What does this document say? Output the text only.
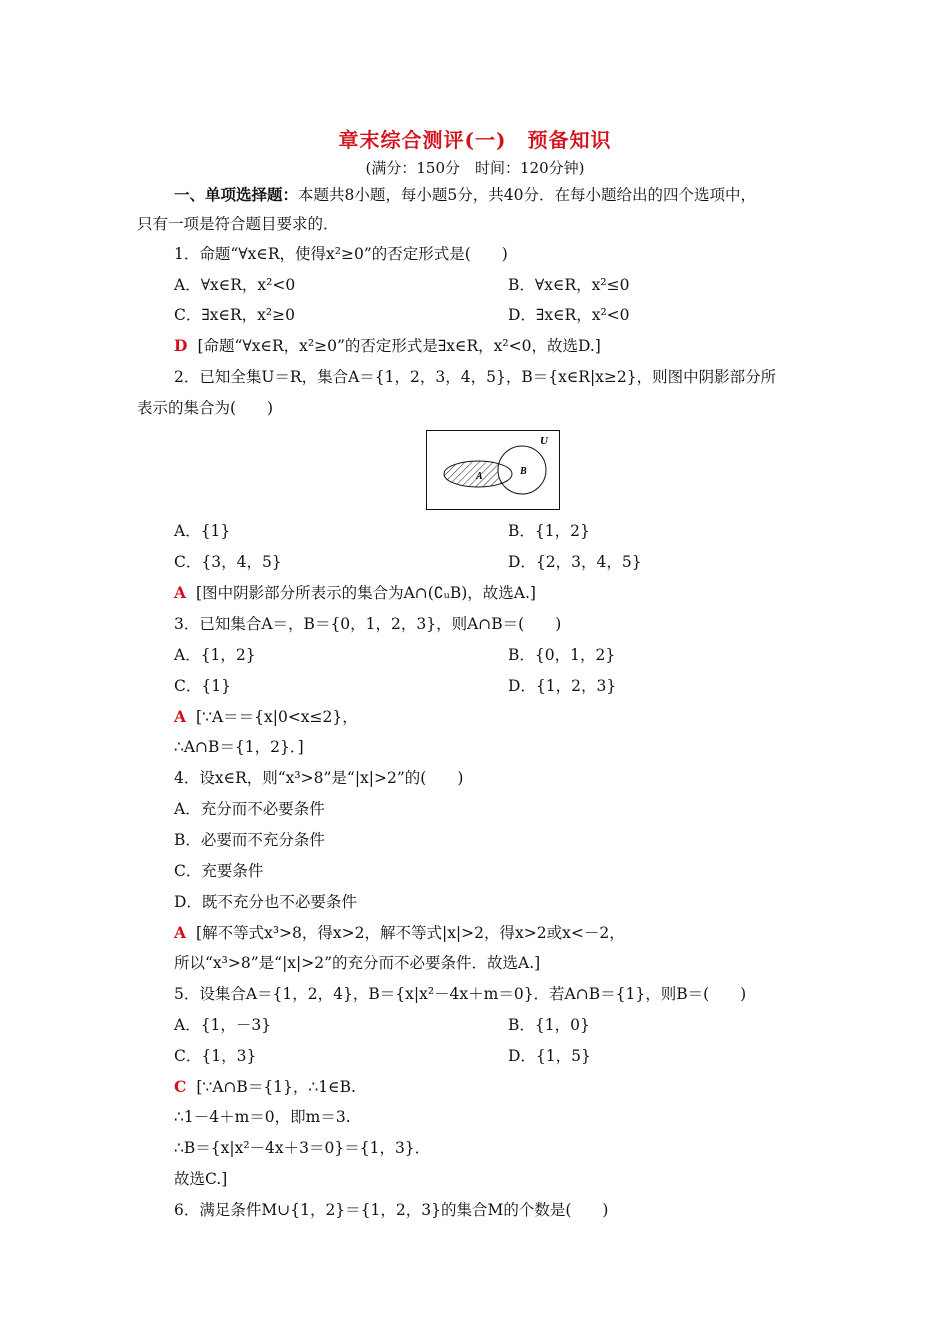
章末综合测评(一)　预备知识
(满分：150分　时间：120分钟)
一、单项选择题：本题共8小题，每小题5分，共40分．在每小题给出的四个选项中，
只有一项是符合题目要求的．
1．命题“∀x∈R，使得x²≥0”的否定形式是(　　)
A．∀x∈R，x²<0	B．∀x∈R，x²≤0
C．∃x∈R，x²≥0	D．∃x∈R，x²<0
D [命题“∀x∈R，x²≥0”的否定形式是∃x∈R，x²<0，故选D.]
2．已知全集U＝R，集合A＝{1，2，3，4，5}，B＝{x∈R|x≥2}，则图中阴影部分所
表示的集合为(　　)
U
A	B
A．{1}	B．{1，2}
C．{3，4，5}	D．{2，3，4，5}
A [图中阴影部分所表示的集合为A∩(∁ᵤB)，故选A.]
3．已知集合A＝，B＝{0，1，2，3}，则A∩B＝(　　)
A．{1，2}	B．{0，1，2}
C．{1}	D．{1，2，3}
A [∵A＝＝{x|0<x≤2}，
∴A∩B＝{1，2}．]
4．设x∈R，则“x³>8”是“|x|>2”的(　　)
A．充分而不必要条件
B．必要而不充分条件
C．充要条件
D．既不充分也不必要条件
A [解不等式x³>8，得x>2，解不等式|x|>2，得x>2或x<－2，
所以“x³>8”是“|x|>2”的充分而不必要条件．故选A.]
5．设集合A＝{1，2，4}，B＝{x|x²－4x＋m＝0}．若A∩B＝{1}，则B＝(　　)
A．{1，－3}	B．{1，0}
C．{1，3}	D．{1，5}
C [∵A∩B＝{1}，∴1∈B.
∴1－4＋m＝0，即m＝3.
∴B＝{x|x²－4x＋3＝0}＝{1，3}．
故选C.]
6．满足条件M∪{1，2}＝{1，2，3}的集合M的个数是(　　)
